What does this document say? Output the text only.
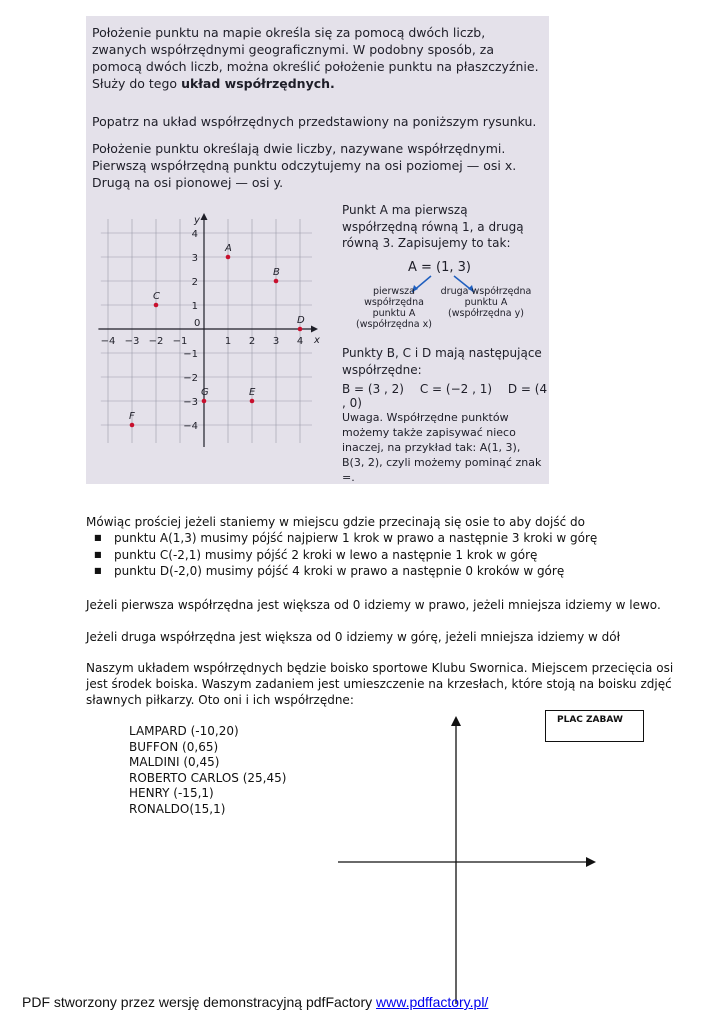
Położenie punktu na mapie określa się za pomocą dwóch liczb, zwanych współrzędnymi geograficznymi. W podobny sposób, za pomocą dwóch liczb, można określić położenie punktu na płaszczyźnie. Służy do tego układ współrzędnych.

Popatrz na układ współrzędnych przedstawiony na poniższym rysunku.

Położenie punktu określają dwie liczby, nazywane współrzędnymi. Pierwszą współrzędną punktu odczytujemy na osi poziomej — osi x. Drugą na osi pionowej — osi y.

−4 −3 −2 −1	1 2 3 4
4
3
2
1
−1
−2
−3
−4
0
x
y
A
B
C
D
E
F
G

Punkt A ma pierwszą współrzędną równą 1, a drugą równą 3. Zapisujemy to tak:

A = (1, 3)
pierwsza współrzędna punktu A (współrzędna x)
druga współrzędna punktu A (współrzędna y)

Punkty B, C i D mają następujące współrzędne:

B = (3 , 2) C = (−2 , 1) D = (4 , 0)

Uwaga. Współrzędne punktów możemy także zapisywać nieco inaczej, na przykład tak: A(1, 3), B(3, 2), czyli możemy pominąć znak =.

Mówiąc prościej jeżeli staniemy w miejscu gdzie przecinają się osie to aby dojść do

■ punktu A(1,3) musimy pójść najpierw 1 krok w prawo a następnie 3 kroki w górę
■ punktu C(-2,1) musimy pójść 2 kroki w lewo a następnie 1 krok w górę
■ punktu D(-2,0) musimy pójść 4 kroki w prawo a następnie 0 kroków w górę

Jeżeli pierwsza współrzędna jest większa od 0 idziemy w prawo, jeżeli mniejsza idziemy w lewo.

Jeżeli druga współrzędna jest większa od 0 idziemy w górę, jeżeli mniejsza idziemy w dół

Naszym układem współrzędnych będzie boisko sportowe Klubu Swornica. Miejscem przecięcia osi jest środek boiska. Waszym zadaniem jest umieszczenie na krzesłach, które stoją na boisku zdjęć sławnych piłkarzy. Oto oni i ich współrzędne:

LAMPARD (-10,20)
BUFFON (0,65)
MALDINI (0,45)
ROBERTO CARLOS (25,45)
HENRY (-15,1)
RONALDO(15,1)
PLAC ZABAW
PDF stworzony przez wersję demonstracyjną pdfFactory www.pdffactory.pl/
